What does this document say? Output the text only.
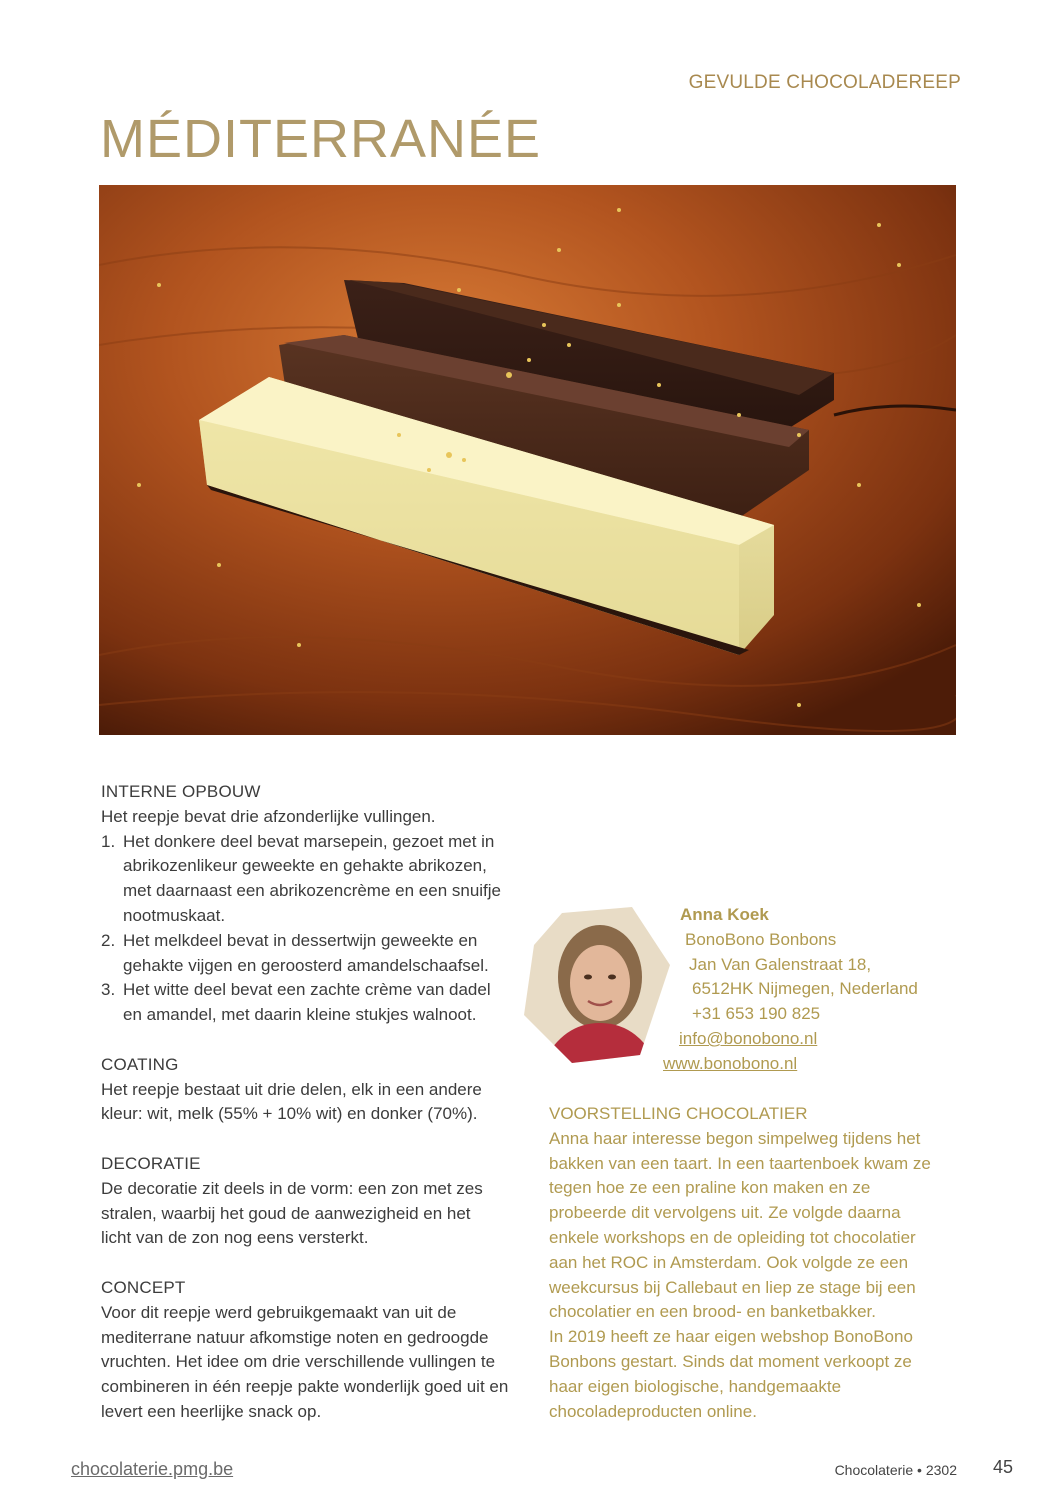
GEVULDE CHOCOLADEREEP
MÉDITERRANÉE
INTERNE OPBOUW
Het reepje bevat drie afzonderlijke vullingen.
1. Het donkere deel bevat marsepein, gezoet met in
abrikozenlikeur geweekte en gehakte abrikozen,
met daarnaast een abrikozencrème en een snuifje
nootmuskaat.
2. Het melkdeel bevat in dessertwijn geweekte en
gehakte vijgen en geroosterd amandelschaafsel.
3. Het witte deel bevat een zachte crème van dadel
en amandel, met daarin kleine stukjes walnoot.
COATING
Het reepje bestaat uit drie delen, elk in een andere
kleur: wit, melk (55% + 10% wit) en donker (70%).
DECORATIE
De decoratie zit deels in de vorm: een zon met zes
stralen, waarbij het goud de aanwezigheid en het
licht van de zon nog eens versterkt.
CONCEPT
Voor dit reepje werd gebruikgemaakt van uit de
mediterrane natuur afkomstige noten en gedroogde
vruchten. Het idee om drie verschillende vullingen te
combineren in één reepje pakte wonderlijk goed uit en
levert een heerlijke snack op.
Anna Koek
BonoBono Bonbons
Jan Van Galenstraat 18,
6512HK Nijmegen, Nederland
+31 653 190 825
info@bonobono.nl
www.bonobono.nl
VOORSTELLING CHOCOLATIER
Anna haar interesse begon simpelweg tijdens het
bakken van een taart. In een taartenboek kwam ze
tegen hoe ze een praline kon maken en ze
probeerde dit vervolgens uit. Ze volgde daarna
enkele workshops en de opleiding tot chocolatier
aan het ROC in Amsterdam. Ook volgde ze een
weekcursus bij Callebaut en liep ze stage bij een
chocolatier en een brood- en banketbakker.
In 2019 heeft ze haar eigen webshop BonoBono
Bonbons gestart. Sinds dat moment verkoopt ze
haar eigen biologische, handgemaakte
chocoladeproducten online.
chocolaterie.pmg.be	Chocolaterie • 2302 45
